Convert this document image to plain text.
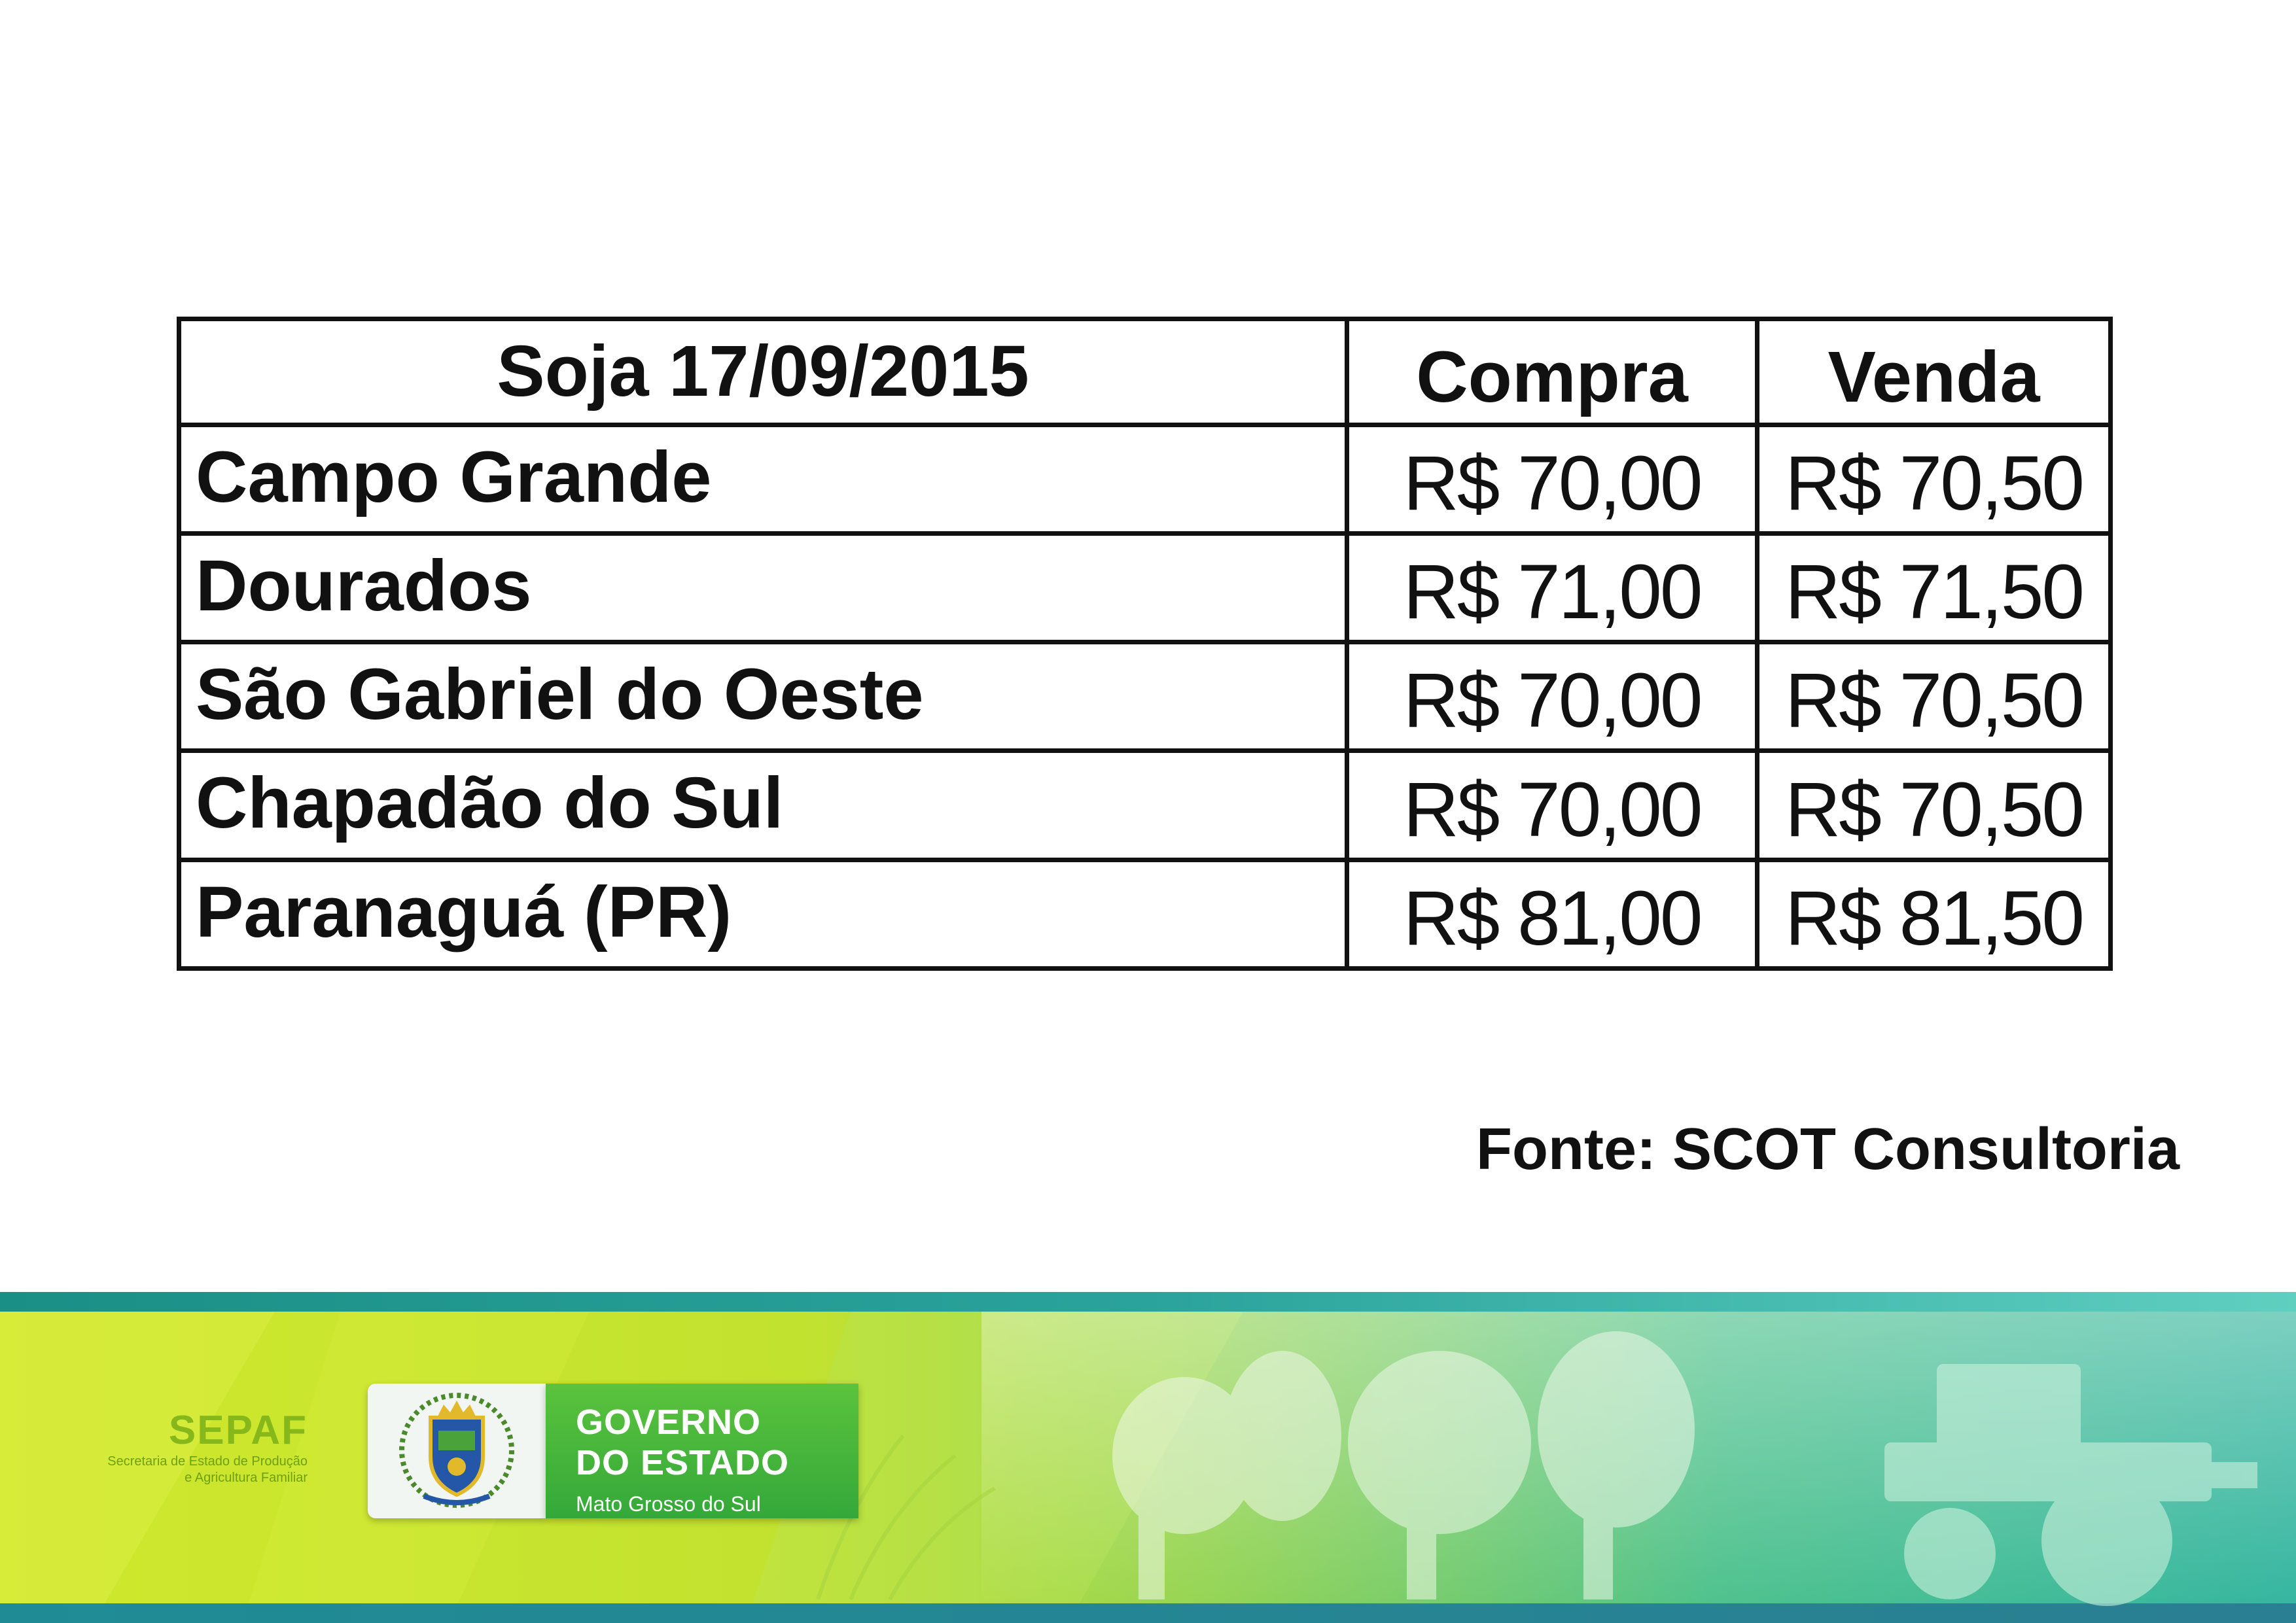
Soja 17/09/2015	Compra	Venda
Campo Grande	R$ 70,00	R$ 70,50
Dourados	R$ 71,00	R$ 71,50
São Gabriel do Oeste	R$ 70,00	R$ 70,50
Chapadão do Sul	R$ 70,00	R$ 70,50
Paranaguá (PR)	R$ 81,00	R$ 81,50
Fonte: SCOT Consultoria
SEPAF
Secretaria de Estado de Produção
e Agricultura Familiar
GOVERNO
DO ESTADO
Mato Grosso do Sul
